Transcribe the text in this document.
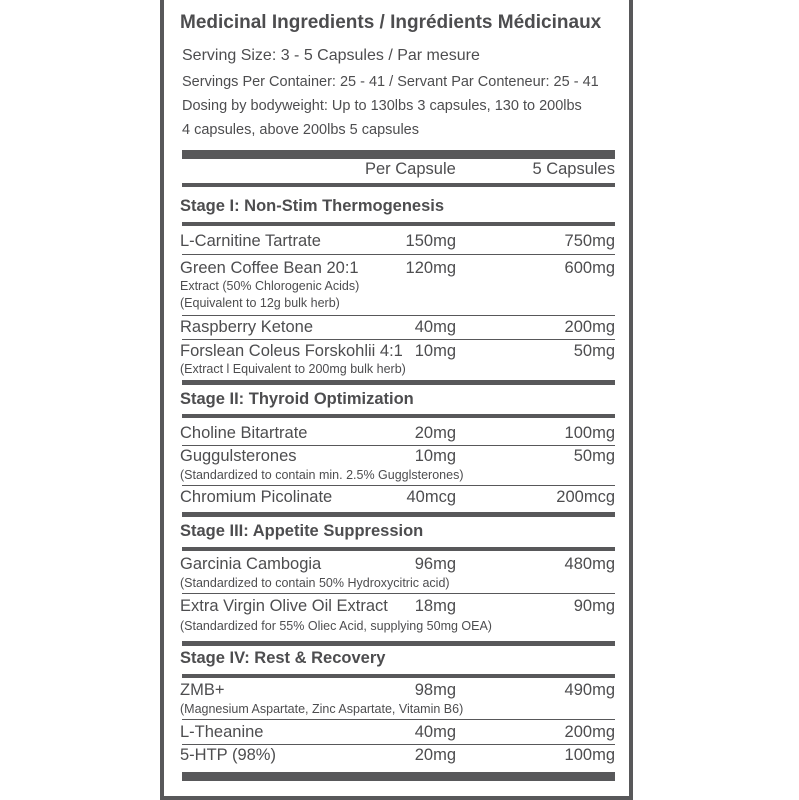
Medicinal Ingredients / Ingrédients Médicinaux
Serving Size: 3 - 5 Capsules / Par mesure
Servings Per Container: 25 - 41 / Servant Par Conteneur: 25 - 41
Dosing by bodyweight: Up to 130lbs 3 capsules, 130 to 200lbs
4 capsules, above 200lbs 5 capsules
Per Capsule	5 Capsules
Stage I: Non-Stim Thermogenesis
L-Carnitine Tartrate	150mg	750mg
Green Coffee Bean 20:1	120mg	600mg
Extract (50% Chlorogenic Acids)
(Equivalent to 12g bulk herb)
Raspberry Ketone	40mg	200mg
Forslean Coleus Forskohlii 4:1 10mg	50mg
(Extract l Equivalent to 200mg bulk herb)
Stage II: Thyroid Optimization
Choline Bitartrate	20mg	100mg
Guggulsterones	10mg	50mg
(Standardized to contain min. 2.5% Gugglsterones)
Chromium Picolinate	40mcg	200mcg
Stage III: Appetite Suppression
Garcinia Cambogia	96mg	480mg
(Standardized to contain 50% Hydroxycitric acid)
Extra Virgin Olive Oil Extract 18mg	90mg
(Standardized for 55% Oliec Acid, supplying 50mg OEA)
Stage IV: Rest & Recovery
ZMB+	98mg	490mg
(Magnesium Aspartate, Zinc Aspartate, Vitamin B6)
L-Theanine	40mg	200mg
5-HTP (98%)	20mg	100mg
